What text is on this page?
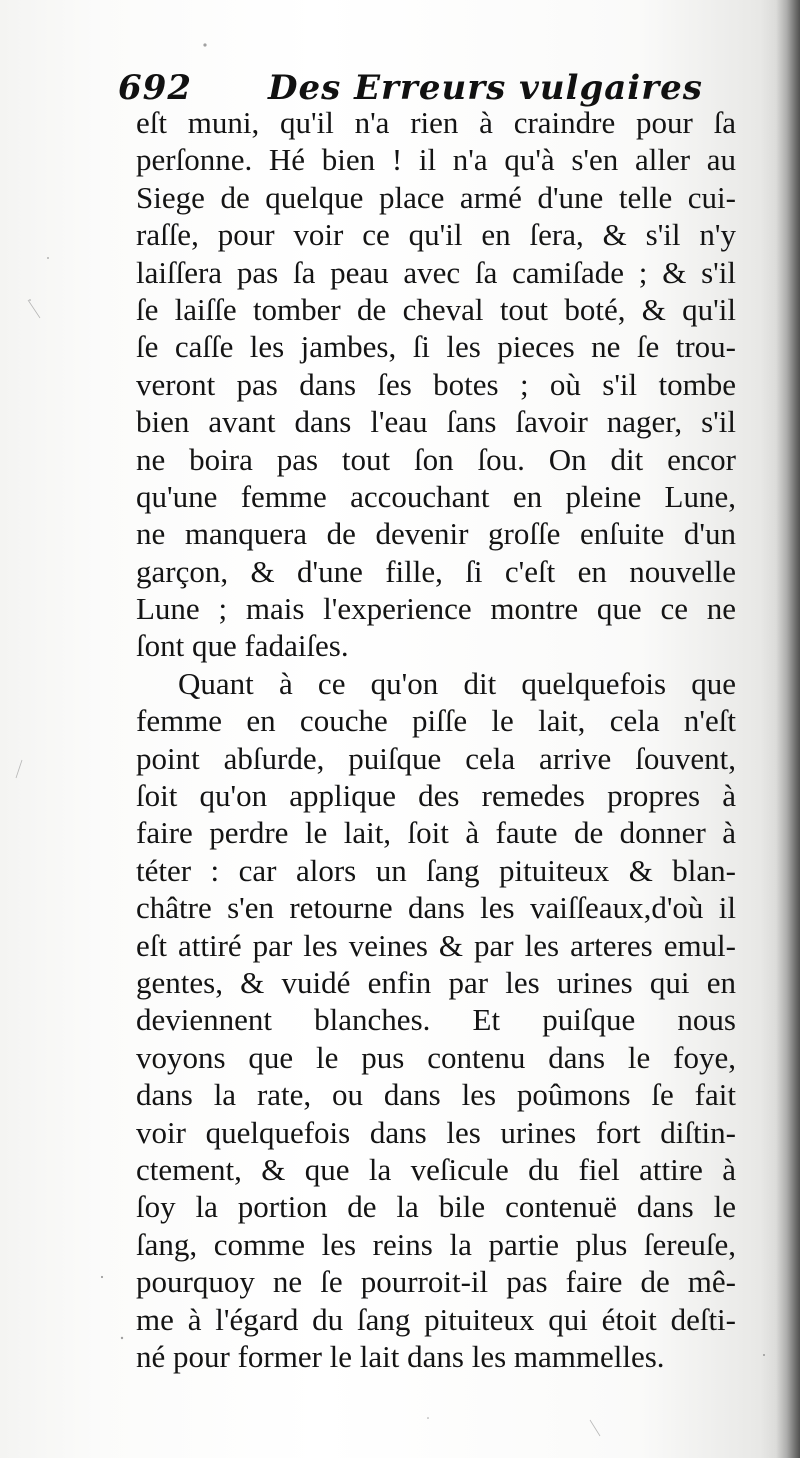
692 Des Erreurs vulgaires
eſt muni, qu'il n'a rien à craindre pour ſa
perſonne. Hé bien ! il n'a qu'à s'en aller au
Siege de quelque place armé d'une telle cui-
raſſe, pour voir ce qu'il en ſera, & s'il n'y
laiſſera pas ſa peau avec ſa camiſade ; & s'il
ſe laiſſe tomber de cheval tout boté, & qu'il
ſe caſſe les jambes, ſi les pieces ne ſe trou-
veront pas dans ſes botes ; où s'il tombe
bien avant dans l'eau ſans ſavoir nager, s'il
ne boira pas tout ſon ſou. On dit encor
qu'une femme accouchant en pleine Lune,
ne manquera de devenir groſſe enſuite d'un
garçon, & d'une fille, ſi c'eſt en nouvelle
Lune ; mais l'experience montre que ce ne
ſont que fadaiſes.
Quant à ce qu'on dit quelquefois que
femme en couche piſſe le lait, cela n'eſt
point abſurde, puiſque cela arrive ſouvent,
ſoit qu'on applique des remedes propres à
faire perdre le lait, ſoit à faute de donner à
téter : car alors un ſang pituiteux & blan-
châtre s'en retourne dans les vaiſſeaux,d'où il
eſt attiré par les veines & par les arteres emul-
gentes, & vuidé enfin par les urines qui en
deviennent blanches. Et puiſque nous
voyons que le pus contenu dans le foye,
dans la rate, ou dans les poûmons ſe fait
voir quelquefois dans les urines fort diſtin-
ctement, & que la veſicule du fiel attire à
ſoy la portion de la bile contenuë dans le
ſang, comme les reins la partie plus ſereuſe,
pourquoy ne ſe pourroit-il pas faire de mê-
me à l'égard du ſang pituiteux qui étoit deſti-
né pour former le lait dans les mammelles.
